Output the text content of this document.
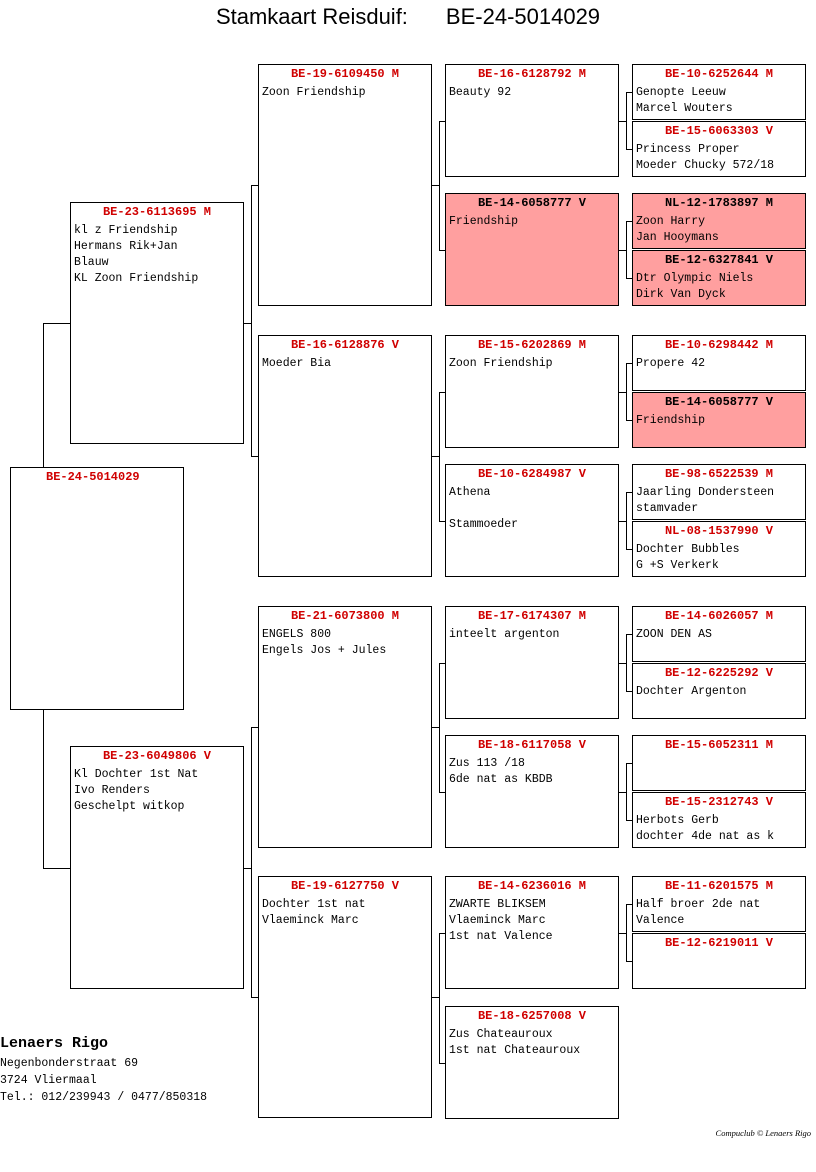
Stamkaart Reisduif: BE-24-5014029
BE-24-5014029
BE-23-6113695 M
kl z Friendship
Hermans Rik+Jan
Blauw
KL Zoon Friendship
BE-23-6049806 V
Kl Dochter 1st Nat
Ivo Renders
Geschelpt witkop
BE-19-6109450 M
Zoon Friendship
BE-16-6128876 V
Moeder Bia
BE-21-6073800 M
ENGELS 800
Engels Jos + Jules
BE-19-6127750 V
Dochter 1st nat
Vlaeminck Marc
BE-16-6128792 M
Beauty 92
BE-14-6058777 V
Friendship
BE-15-6202869 M
Zoon Friendship
BE-10-6284987 V
Athena
Stammoeder
BE-17-6174307 M
inteelt argenton
BE-18-6117058 V
Zus 113 /18
6de nat as KBDB
BE-14-6236016 M
ZWARTE BLIKSEM
Vlaeminck Marc
1st nat Valence
BE-18-6257008 V
Zus Chateauroux
1st nat Chateauroux
BE-10-6252644 M
Genopte Leeuw
Marcel Wouters
BE-15-6063303 V
Princess Proper
Moeder Chucky 572/18
NL-12-1783897 M
Zoon Harry
Jan Hooymans
BE-12-6327841 V
Dtr Olympic Niels
Dirk Van Dyck
BE-10-6298442 M
Propere 42
BE-14-6058777 V
Friendship
BE-98-6522539 M
Jaarling Dondersteen
stamvader
NL-08-1537990 V
Dochter Bubbles
G +S Verkerk
BE-14-6026057 M
ZOON DEN AS
BE-12-6225292 V
Dochter Argenton
BE-15-6052311 M
BE-15-2312743 V
Herbots Gerb
dochter 4de nat as k
BE-11-6201575 M
Half broer 2de nat
Valence
BE-12-6219011 V
Lenaers Rigo
Negenbonderstraat 69
3724 Vliermaal
Tel.: 012/239943 / 0477/850318
Compuclub © Lenaers Rigo
